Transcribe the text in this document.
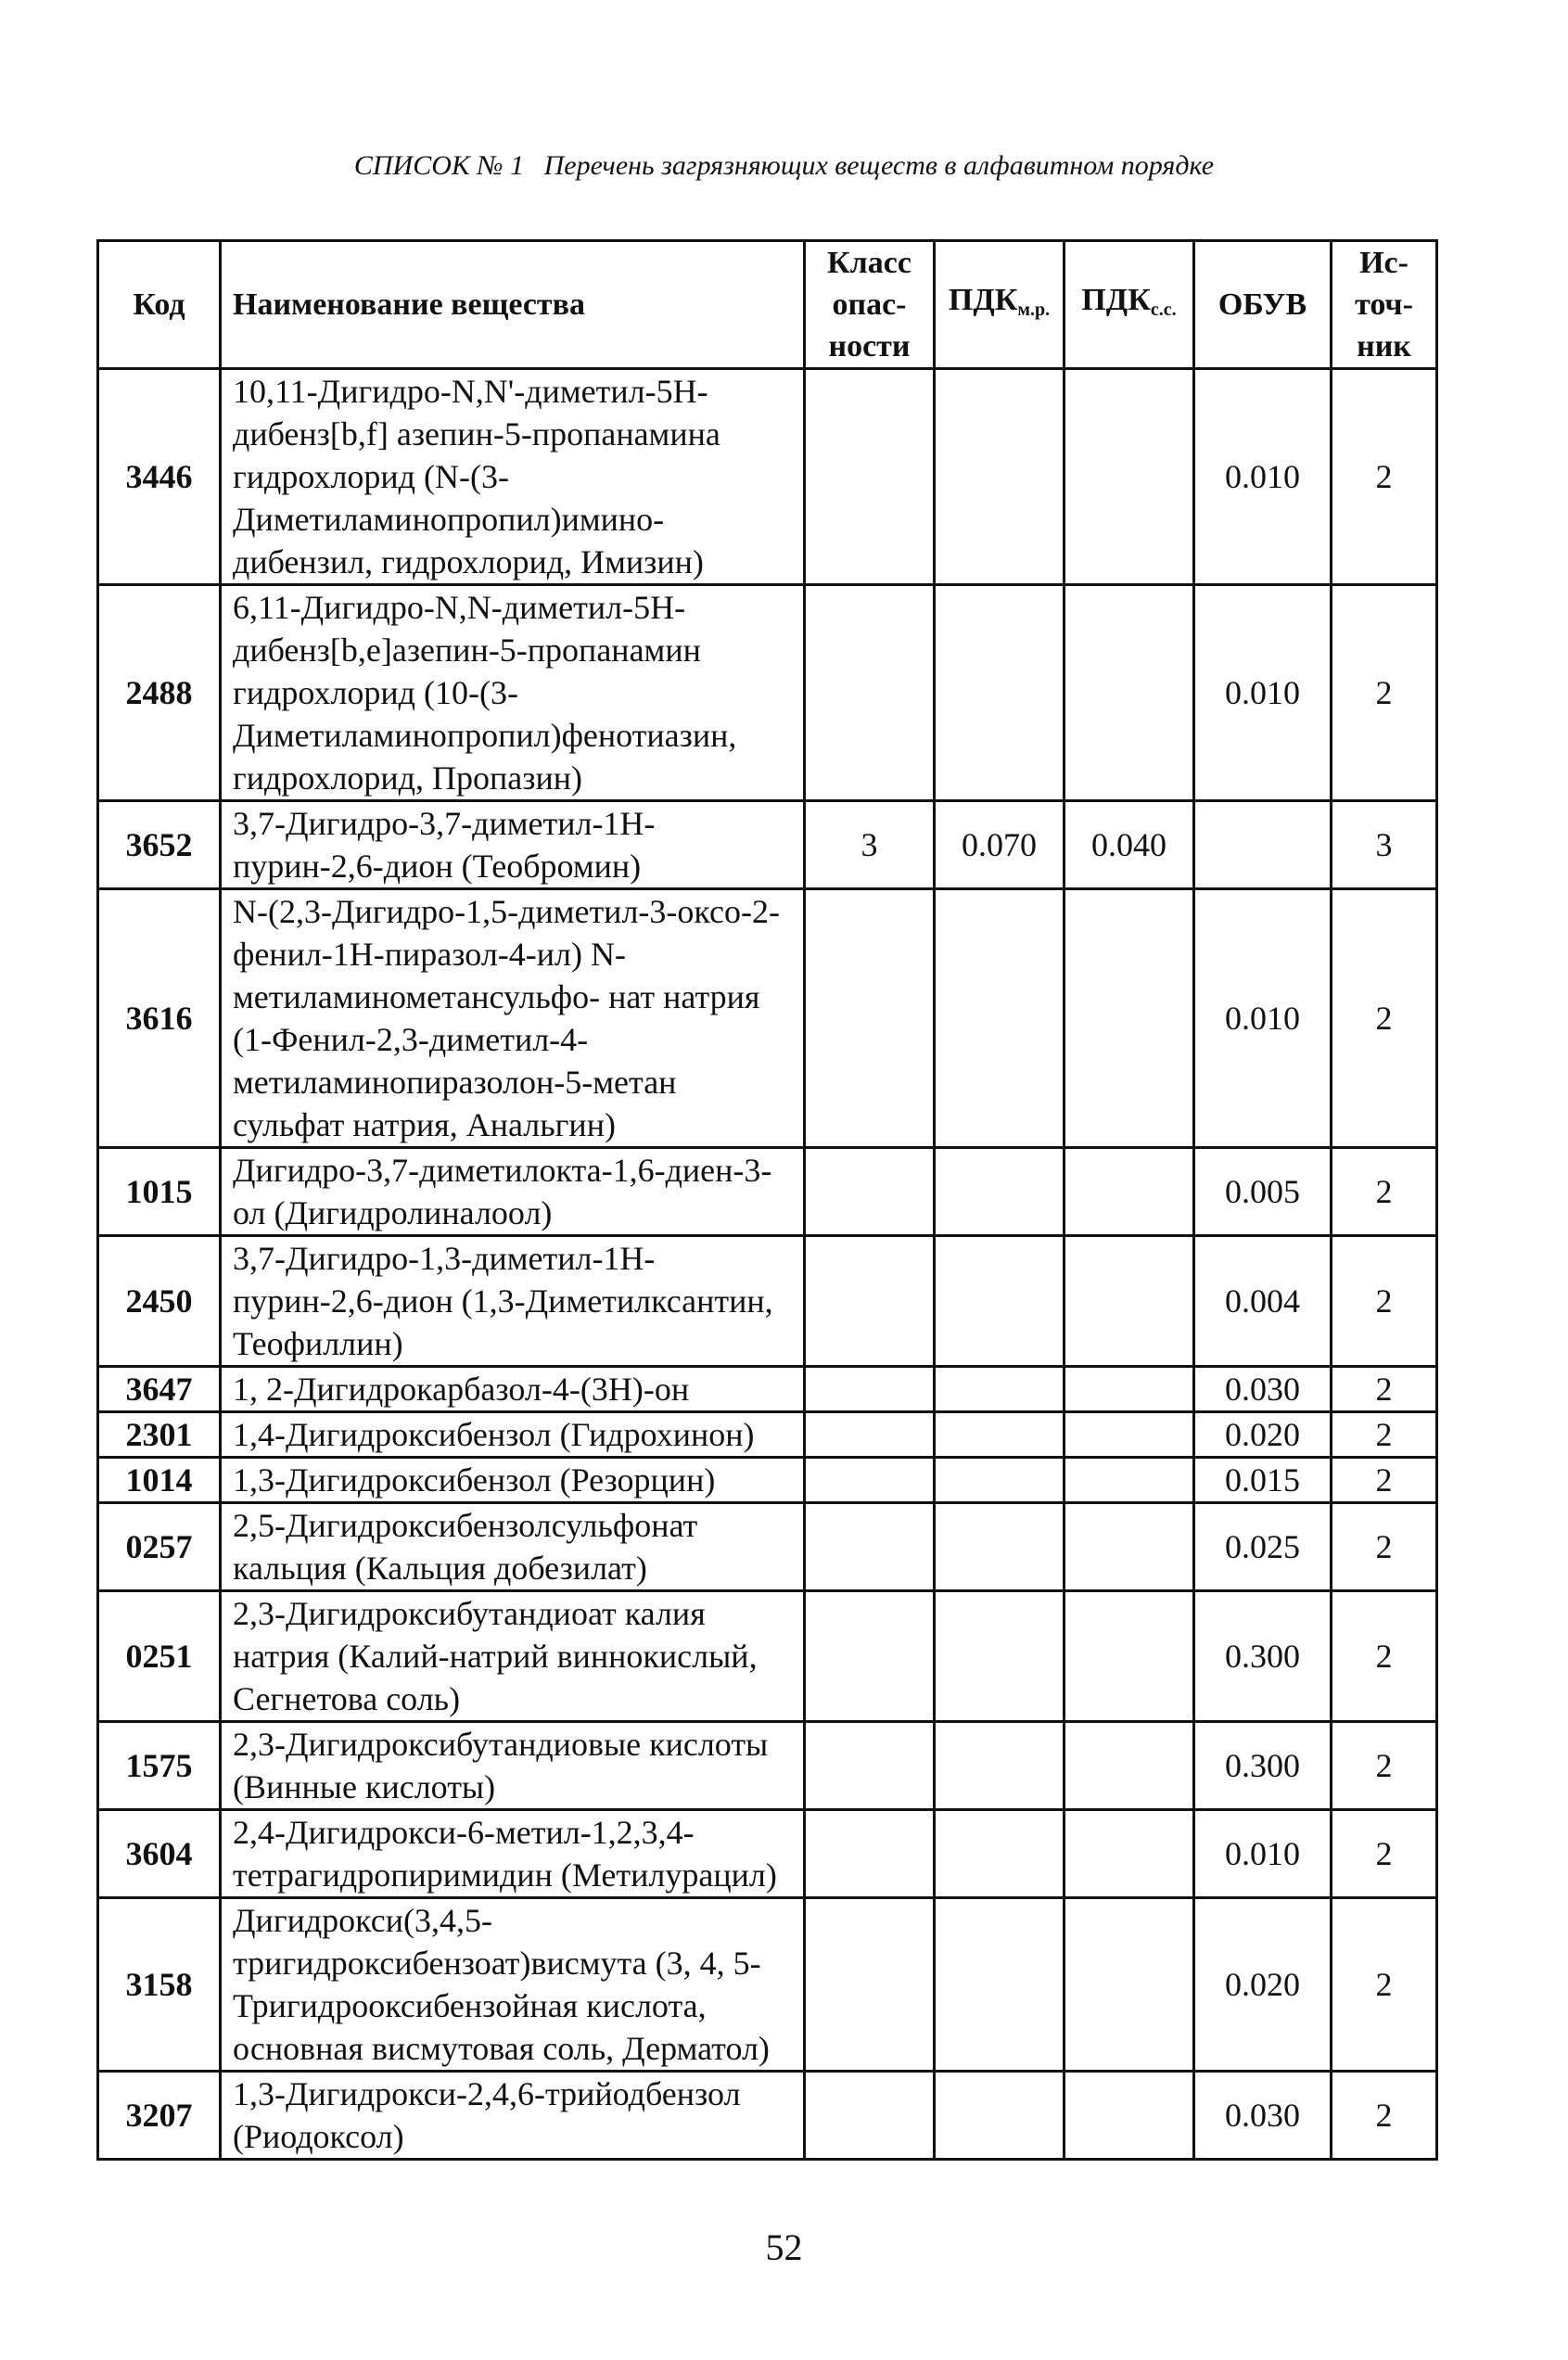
СПИСОК № 1 Перечень загрязняющих веществ в алфавитном порядке
Код	Наименование вещества	Класс опас- ности	$ПДК_{м.р.}$	$ПДК_{с.с.}$	ОБУВ	Ис- точ- ник
3446	10,11-Дигидро-N,N'-диметил-5Н-дибенз[b,f] азепин-5-пропанамина гидрохлорид (N-(3-Диметиламинопропил)имино-дибензил, гидрохлорид, Имизин)				0.010	2
2488	6,11-Дигидро-N,N-диметил-5Н-дибенз[b,e]азепин-5-пропанамин гидрохлорид (10-(3-Диметиламинопропил)фенотиазин, гидрохлорид, Пропазин)				0.010	2
3652	3,7-Дигидро-3,7-диметил-1Н-пурин-2,6-дион (Теобромин)	3	0.070	0.040		3
3616	N-(2,3-Дигидро-1,5-диметил-3-оксо-2-фенил-1Н-пиразол-4-ил) N-метиламинометансульфо- нат натрия (1-Фенил-2,3-диметил-4-метиламинопиразолон-5-метан сульфат натрия, Анальгин)				0.010	2
1015	Дигидро-3,7-диметилокта-1,6-диен-3-ол (Дигидролиналоол)				0.005	2
2450	3,7-Дигидро-1,3-диметил-1Н-пурин-2,6-дион (1,3-Диметилксантин, Теофиллин)				0.004	2
3647	1, 2-Дигидрокарбазол-4-(3Н)-он				0.030	2
2301	1,4-Дигидроксибензол (Гидрохинон)				0.020	2
1014	1,3-Дигидроксибензол (Резорцин)				0.015	2
0257	2,5-Дигидроксибензолсульфонат кальция (Кальция добезилат)				0.025	2
0251	2,3-Дигидроксибутандиоат калия натрия (Калий-натрий виннокислый, Сегнетова соль)				0.300	2
1575	2,3-Дигидроксибутандиовые кислоты (Винные кислоты)				0.300	2
3604	2,4-Дигидрокси-6-метил-1,2,3,4-тетрагидропиримидин (Метилурацил)				0.010	2
3158	Дигидрокси(3,4,5-тригидроксибензоат)висмута (3, 4, 5-Тригидрооксибензойная кислота, основная висмутовая соль, Дерматол)				0.020	2
3207	1,3-Дигидрокси-2,4,6-трийодбензол (Риодоксол)				0.030	2
52
